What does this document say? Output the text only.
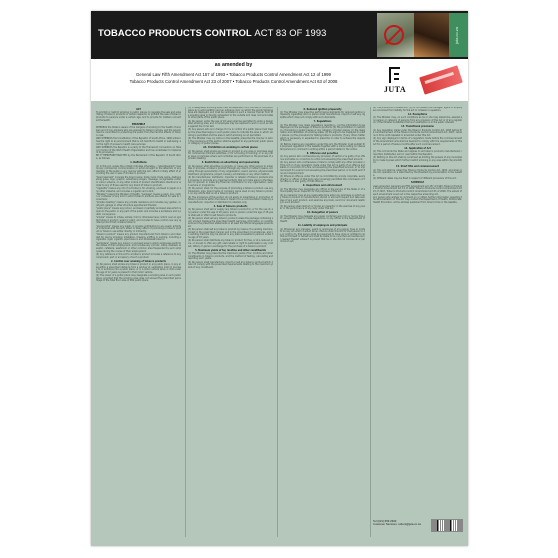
TOBACCO PRODUCTS CONTROL ACT 83 OF 1993	juta.co.za
as amended by
General Law Fifth Amendment Act 157 of 1993 • Tobacco Products Control Amendment Act 12 of 1999
Tobacco Products Control Amendment Act 23 of 2007 • Tobacco Products Control Amendment Act 63 of 2008
JUTA

ACT

To prohibit or restrict smoking in public places; to regulate the sale and advertising of tobacco products in certain respects; to prohibit the sale of tobacco products to persons under a certain age; and to provide for matters connected therewith.

PREAMBLE

WHEREAS the State is aware of the dangers of smoking to the health of smokers and of non-smokers who are exposed to tobacco smoke, and the Government is committed to protecting the public from the harmful effects of tobacco use;

AND WHEREAS the Constitution of the Republic of South Africa, 1996 entrenches the right to an environment that is not harmful to health or well-being; and the right of access to health care services;

AND WHEREAS the Republic is a party to the Framework Convention on Tobacco Control of the World Health Organization and has undertaken to implement its provisions;

BE IT THEREFORE ENACTED by the Parliament of the Republic of South Africa, as follows:

1. Definitions

(1) In this Act, unless the context indicates otherwise— "advertisement" means any commercial communication or action brought to the attention of any member of the public in any manner with the aim, effect or likely effect of promoting the use or sale of a tobacco product;

"brand element" includes the brand name, trade mark, trade name, distinguishing guise, logo, graphic, advertising slogan, message, recognisable colour or colour scheme, or any other indicia of product identification identical or similar to any of those used for any brand of tobacco product;

"cigarette" means any roll of cut tobacco for smoking, enclosed in paper or any other material, and includes a cigarillo and a bidi;

"Minister" means the Minister of Health; "package" means a pack, box, carton or container of any kind in which tobacco products are offered for sale to consumers;

"private dwelling" means any private residence and includes any garden, courtyard, garage or other structure appurtenant thereto;

"public place" means any indoor, enclosed or partially enclosed area which is open to the public or any part of the public and includes a workplace and a public conveyance;

"smoke" means to inhale, exhale, hold or otherwise have control over an ignited tobacco product, weed or plant, and includes to have control over any ignited product that contains tobacco;

"sponsorship" means any public or private contribution to any event, activity or individual with the aim, effect or likely effect of promoting a tobacco product or tobacco use either directly or indirectly;

"tobacco product" means any product manufactured from tobacco and intended for use by smoking, inhalation, chewing, sniffing or sucking, including a cigarette, cigar, cigarillo, pipe tobacco and smokeless tobacco;

"workplace" means any indoor or enclosed area in which employees perform the duties of their employment, and includes any corridor, lobby, stairwell, elevator, cafeteria, washroom or other common area frequented by such employees during the course of their employment;

(2) Any reference in this Act to a tobacco product includes a reference to any component, part or accessory of such a product.

2. Control over smoking of tobacco products

(1) No person shall smoke any tobacco product in any public place, in any area within a prescribed distance from a window of, ventilation inlet of, doorway to or entrance into a public place, or in a motor vehicle when a child under the age of 12 years is present in that motor vehicle.

(2) The owner of a public place may designate a smoking area in such public place, provided that the smoking area does not exceed the prescribed percentage of the total floor area of that public place.

(3) A designated smoking area must be separated from the rest of the public place by a solid partition and an entrance door on which the words Smoking Area are displayed, and must be ventilated in such a manner that air from the smoking area is directly exhausted to the outside and does not recirculate to other parts of the public place.

(4) No person under the age of 18 years shall be permitted to enter a designated smoking area, and no employee may be required to work in such an area against his or her will.

(5) Any person who is in charge of or is in control of a public place must display the prescribed signs in such public place to indicate the area in which smoking is permitted and the area in which smoking is not permitted.

(6) The Minister may, by notice in the Gazette, prescribe the manner in which the provisions of this section shall be applied to any particular public place or category of public places.

2A. Prohibition on smoking in certain places

(1) No person shall smoke any tobacco product in any area or premises used for commercial childcare activities, or for schooling or tutoring, or in any other area or premises where such activities are performed on the premises of a private dwelling.

3. Restrictions on advertising and sponsorship

(1) No person shall advertise or promote, or cause any other person to advertise or promote, a tobacco product through any direct or indirect means, including through sponsorship of any organisation, event, service, physical establishment, programme, project, bursary, scholarship or any other method.

(2) No manufacturer, distributor, importer or retailer of tobacco products shall organise or promote any organised activity that is to take place in the Republic, or sponsor or make any financial contribution to any organisation, event, service or programme.

(3) No person shall, for the purpose of promoting a tobacco product, use any trademark, logo, brand name or company name used on any tobacco product, on any article that is not a tobacco product.

(4) The provisions of this section do not apply to advertising or promotion of tobacco products within the tobacco trade or to a communication made by a manufacturer, importer or distributor to retailers only.

4. Sale of tobacco products

(1) No person shall sell or supply any tobacco product to, or for the use of, any person under the age of 18 years, and no person under the age of 18 years shall sell or offer to sell tobacco products.

(2) No person shall sell any tobacco product unless the package containing such product displays the prescribed health warnings, information on constituents and the prescribed statements in at least the official languages prescribed.

(3) No person shall sell any tobacco product by means of a vending machine, except in the prescribed manner and in the prescribed circumstances, and no vending machine may be placed in any area accessible to persons under the age of 18 years.

(4) No person shall distribute any tobacco product for free, or at a reduced price, or accept or offer any gift, cash rebate or right to participate in any contest, lottery or game in exchange for the purchase of a tobacco product.

5. Maximum yields of tar, nicotine and other constituents

(1) The Minister may prescribe the maximum yields of tar, nicotine and other constituents in tobacco products, and the method of testing, calculating and reporting such yields.

(2) No person shall manufacture, import or sell any tobacco product which does not comply with the prescribed requirements relating to the maximum yields of any constituent.

6. Reduced ignition propensity

(1) The Minister may prescribe performance standards for reduced ignition propensity cigarettes, and no person shall manufacture, import or sell any cigarette which does not comply with such standards.

7. Regulations

(1) The Minister may make regulations regarding— (a) the information to be displayed on the packages of tobacco products; (b) the prohibition or restriction of smoking in public places or any category of public places; (c) the designation and ventilation of smoking areas; (d) the signs to be displayed in public places; (e) the procedure for testing tobacco products; (f) any other matter which is necessary or expedient to prescribe in order to achieve the objects of this Act.

(2) Before making any regulation under this Act, the Minister must publish the proposed regulation in the Gazette together with a notice calling on interested persons to comment in writing within a period stated in the notice.

8. Offences and penalties

(1) Any person who contravenes any provision of section 2 is guilty of an offence and liable on conviction to a fine not exceeding the prescribed amount.

(2) Any person who contravenes or fails to comply with any other provision of this Act or of any regulation made under this Act is guilty of an offence and liable on conviction to a fine not exceeding the prescribed amount, or to imprisonment for a period not exceeding the prescribed period, or to both such fine and imprisonment.

(3) Where an offence under this Act is committed by a body corporate, every director or officer of that body who knowingly permitted the commission of the offence is also guilty of that offence.

9. Inspections and enforcement

(1) The Minister may designate any officer in the service of the State or of a municipality as an inspector for the purposes of this Act.

(2) An inspector may at any reasonable time enter any premises on which any tobacco product is manufactured, stored or sold and inspect and take samples of any such product, and examine any book, record or document relating to such product.

(3) No person shall obstruct or hinder an inspector in the exercise of any power or the performance of any duty under this Act.

10. Delegation of powers

(1) The Minister may delegate any power conferred upon him or her by this Act, except the power to make regulations, to any officer in the Department of Health.

11. Liability of employers and principals

(1) Whenever any manager, agent or employee of any person does or omits to do any act which it would be an offence under this Act for that person to do or omit to do, that person shall be presumed to have done or omitted to do that act himself or herself and shall be liable to be convicted and sentenced in respect thereof unless it is proved that he or she did not connive at or permit such act.

(2) The provisions of subsection (1) do not relieve the manager, agent or employee concerned from liability for the act or omission in question.

12. Exemptions

(1) The Minister may, on such conditions as he or she may determine, exempt any person or category of persons from any provision of this Act or of any regulation, if the Minister is satisfied that such exemption is in the public interest.

13. Transitional provisions

(1) Any regulation made under the Tobacco Products Control Act, 1993 before the commencement of the Tobacco Products Control Amendment Act, 2007, remains in force until repealed or amended under this Act.

(2) Any sign displayed in terms of a regulation made before the commencement of the amendment acts shall be deemed to comply with the requirements of this Act for a period of twelve months after such commencement.

14. Application of Act

(1) This Act binds the State and applies to all tobacco products manufactured, imported, distributed, sold or used within the Republic.

(2) Nothing in this Act shall be construed as limiting the powers of any municipality to make by-laws which further restrict smoking in any area within its jurisdiction.

15. Short title and commencement

(1) This Act shall be called the Tobacco Products Control Act, 1993, and shall come into operation on a date fixed by the President by proclamation in the Gazette.

(2) Different dates may be fixed in respect of different provisions of this Act.

SCHEDULE

Laws amended: General Law Fifth Amendment Act 157 of 1993; Tobacco Products Control Amendment Act 12 of 1999; Tobacco Products Control Amendment Act 23 of 2007; Tobacco Products Control Amendment Act 63 of 2008. The extent of each amendment is set out in the respective amending Act.

Any person who wishes to comment on or obtain further information regarding the administration of this Act may contact the Department of Health, Directorate: Health Promotion, at the address published from time to time in the Gazette.

Tel (021) 659 2300
Customer Services: orders@juta.co.za
